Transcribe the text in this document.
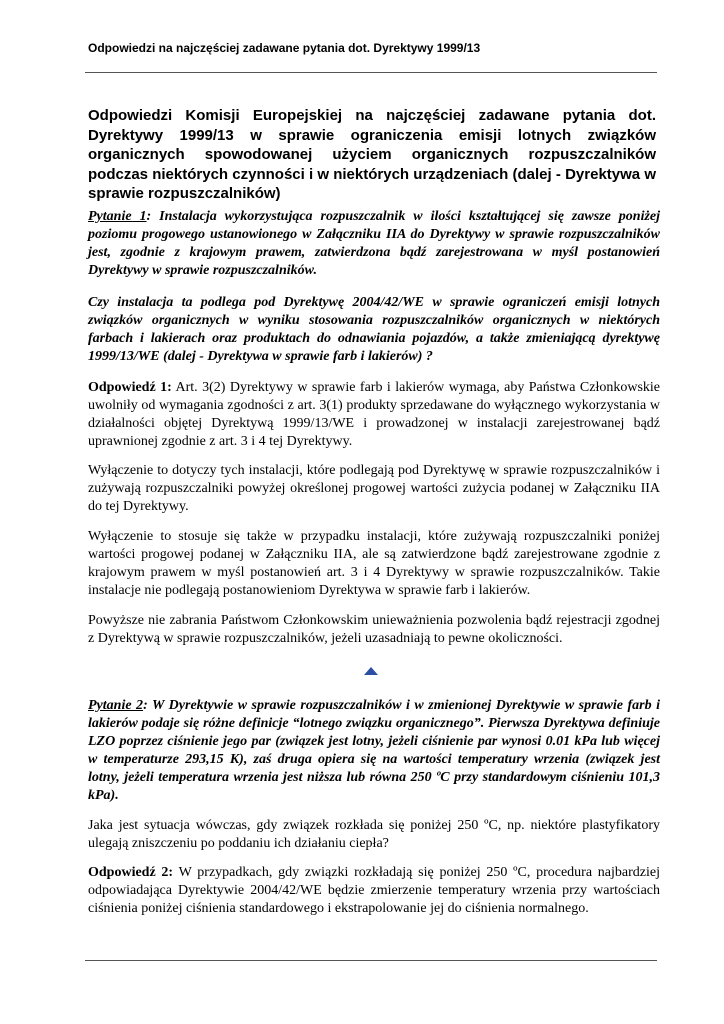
Odpowiedzi na najczęściej zadawane pytania dot. Dyrektywy 1999/13
Odpowiedzi Komisji Europejskiej na najczęściej zadawane pytania dot. Dyrektywy 1999/13 w sprawie ograniczenia emisji lotnych związków organicznych spowodowanej użyciem organicznych rozpuszczalników podczas niektórych czynności i w niektórych urządzeniach (dalej - Dyrektywa w sprawie rozpuszczalników)
Pytanie 1: Instalacja wykorzystująca rozpuszczalnik w ilości kształtującej się zawsze poniżej poziomu progowego ustanowionego w Załączniku IIA do Dyrektywy w sprawie rozpuszczalników jest, zgodnie z krajowym prawem, zatwierdzona bądź zarejestrowana w myśl postanowień Dyrektywy w sprawie rozpuszczalników.
Czy instalacja ta podlega pod Dyrektywę 2004/42/WE w sprawie ograniczeń emisji lotnych związków organicznych w wyniku stosowania rozpuszczalników organicznych w niektórych farbach i lakierach oraz produktach do odnawiania pojazdów, a także zmieniającą dyrektywę 1999/13/WE (dalej - Dyrektywa w sprawie farb i lakierów) ?
Odpowiedź 1: Art. 3(2) Dyrektywy w sprawie farb i lakierów wymaga, aby Państwa Członkowskie uwolniły od wymagania zgodności z art. 3(1) produkty sprzedawane do wyłącznego wykorzystania w działalności objętej Dyrektywą 1999/13/WE i prowadzonej w instalacji zarejestrowanej bądź uprawnionej zgodnie z art. 3 i 4 tej Dyrektywy.
Wyłączenie to dotyczy tych instalacji, które podlegają pod Dyrektywę w sprawie rozpuszczalników i zużywają rozpuszczalniki powyżej określonej progowej wartości zużycia podanej w Załączniku IIA do tej Dyrektywy.
Wyłączenie to stosuje się także w przypadku instalacji, które zużywają rozpuszczalniki poniżej wartości progowej podanej w Załączniku IIA, ale są zatwierdzone bądź zarejestrowane zgodnie z krajowym prawem w myśl postanowień art. 3 i 4 Dyrektywy w sprawie rozpuszczalników. Takie instalacje nie podlegają postanowieniom Dyrektywa w sprawie farb i lakierów.
Powyższe nie zabrania Państwom Członkowskim unieważnienia pozwolenia bądź rejestracji zgodnej z Dyrektywą w sprawie rozpuszczalników, jeżeli uzasadniają to pewne okoliczności.
Pytanie 2: W Dyrektywie w sprawie rozpuszczalników i w zmienionej Dyrektywie w sprawie farb i lakierów podaje się różne definicje “lotnego związku organicznego”. Pierwsza Dyrektywa definiuje LZO poprzez ciśnienie jego par (związek jest lotny, jeżeli ciśnienie par wynosi 0.01 kPa lub więcej w temperaturze 293,15 K), zaś druga opiera się na wartości temperatury wrzenia (związek jest lotny, jeżeli temperatura wrzenia jest niższa lub równa 250 ºC przy standardowym ciśnieniu 101,3 kPa).
Jaka jest sytuacja wówczas, gdy związek rozkłada się poniżej 250 ºC, np. niektóre plastyfikatory ulegają zniszczeniu po poddaniu ich działaniu ciepła?
Odpowiedź 2: W przypadkach, gdy związki rozkładają się poniżej 250 ºC, procedura najbardziej odpowiadająca Dyrektywie 2004/42/WE będzie zmierzenie temperatury wrzenia przy wartościach ciśnienia poniżej ciśnienia standardowego i ekstrapolowanie jej do ciśnienia normalnego.
